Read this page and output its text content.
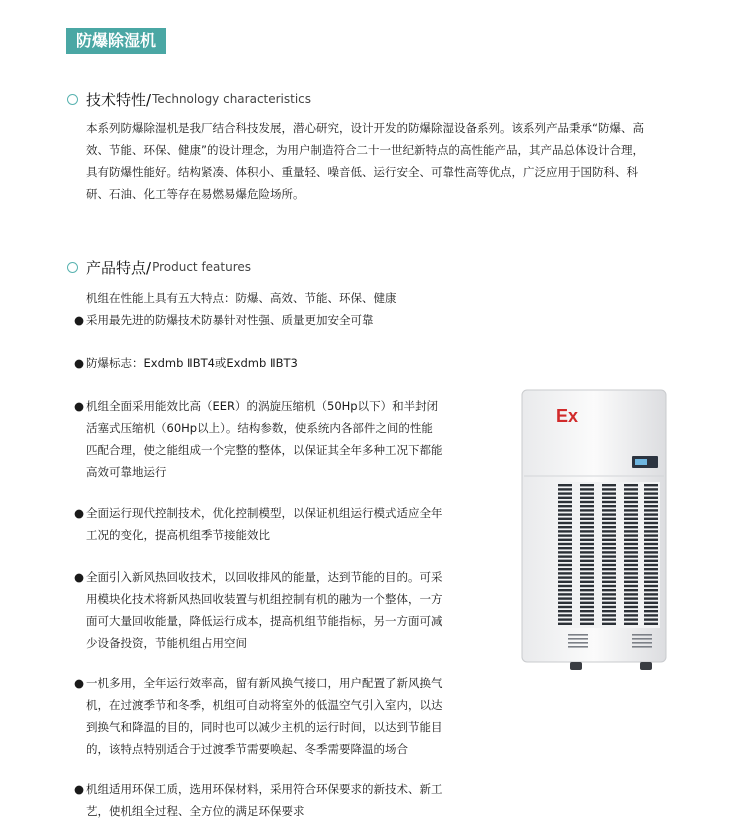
防爆除湿机
技术特性/ Technology characteristics
本系列防爆除湿机是我厂结合科技发展，潜心研究，设计开发的防爆除湿设备系列。该系列产品秉承“防爆、高
效、节能、环保、健康”的设计理念，为用户制造符合二十一世纪新特点的高性能产品，其产品总体设计合理，
具有防爆性能好。结构紧凑、体积小、重量轻、噪音低、运行安全、可靠性高等优点，广泛应用于国防科、科
研、石油、化工等存在易燃易爆危险场所。
产品特点/ Product features
机组在性能上具有五大特点：防爆、高效、节能、环保、健康
● 采用最先进的防爆技术防暴针对性强、质量更加安全可靠
● 防爆标志：Exdmb ⅡBT4或Exdmb ⅡBT3
● 机组全面采用能效比高（EER）的涡旋压缩机（50Hp以下）和半封闭
活塞式压缩机（60Hp以上）。结构参数，使系统内各部件之间的性能
匹配合理，使之能组成一个完整的整体，以保证其全年多种工况下都能
高效可靠地运行
● 全面运行现代控制技术，优化控制模型，以保证机组运行模式适应全年
工况的变化，提高机组季节接能效比
● 全面引入新风热回收技术，以回收排风的能量，达到节能的目的。可采
用模块化技术将新风热回收装置与机组控制有机的融为一个整体，一方
面可大量回收能量，降低运行成本，提高机组节能指标，另一方面可减
少设备投资，节能机组占用空间
● 一机多用，全年运行效率高，留有新风换气接口，用户配置了新风换气
机，在过渡季节和冬季，机组可自动将室外的低温空气引入室内，以达
到换气和降温的目的，同时也可以减少主机的运行时间，以达到节能目
的，该特点特别适合于过渡季节需要唤起、冬季需要降温的场合
● 机组适用环保工质，选用环保材料，采用符合环保要求的新技术、新工
艺，使机组全过程、全方位的满足环保要求
Ex
